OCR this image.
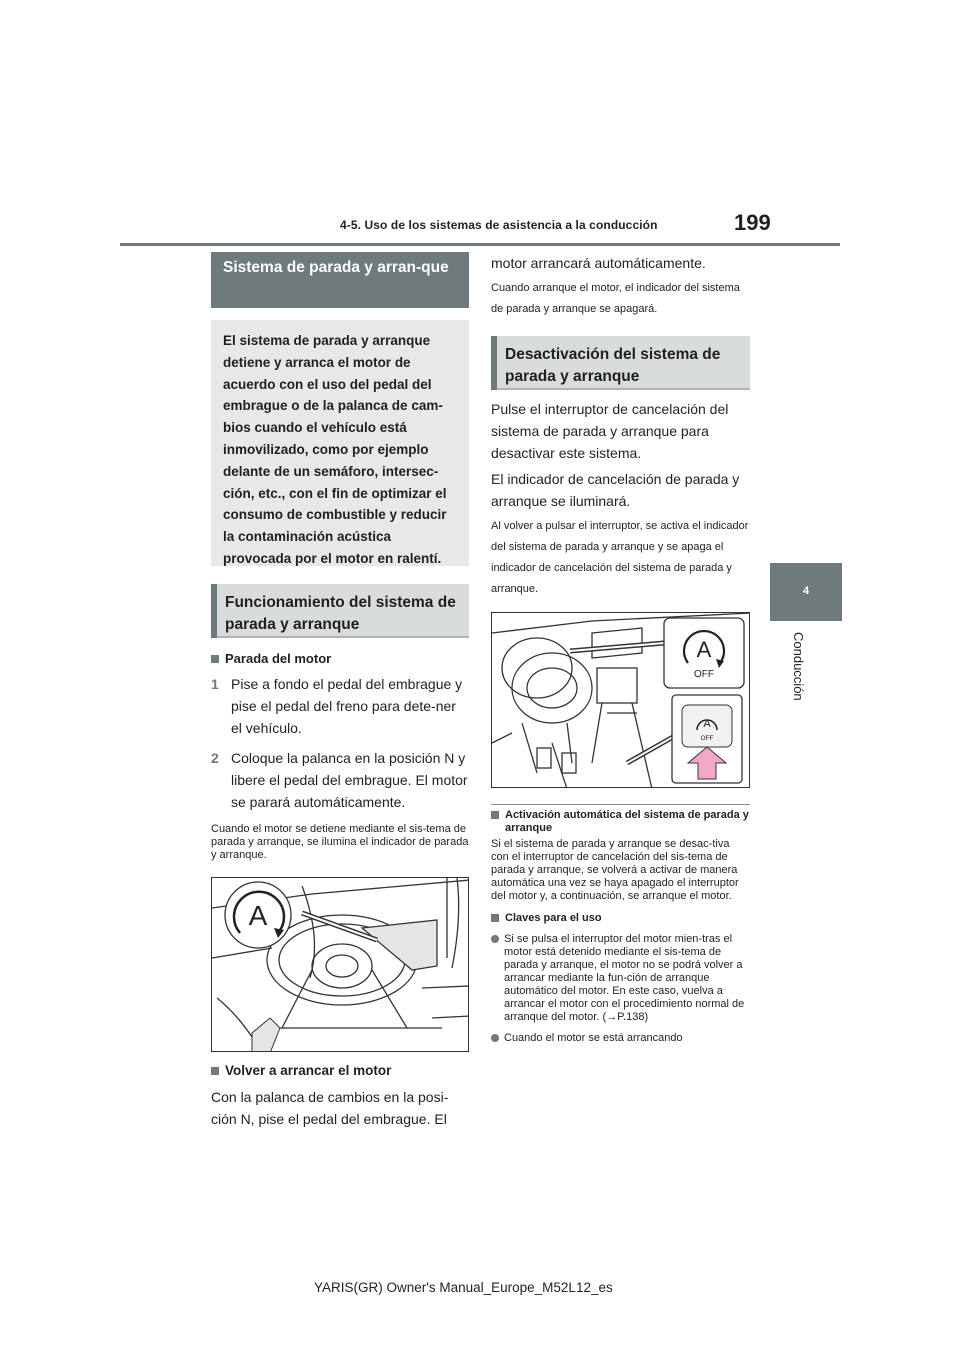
4-5. Uso de los sistemas de asistencia a la conducción	199
4
Conducción
Sistema de parada y arran-que
El sistema de parada y arranque detiene y arranca el motor de acuerdo con el uso del pedal del embrague o de la palanca de cam-bios cuando el vehículo está inmovilizado, como por ejemplo delante de un semáforo, intersec-ción, etc., con el fin de optimizar el consumo de combustible y reducir la contaminación acústica provocada por el motor en ralentí.
Funcionamiento del sistema de parada y arranque
Parada del motor
1 Pise a fondo el pedal del embrague y pise el pedal del freno para dete-ner el vehículo.
2 Coloque la palanca en la posición N y libere el pedal del embrague. El motor se parará automáticamente.
Cuando el motor se detiene mediante el sis-tema de parada y arranque, se ilumina el indicador de parada y arranque.
A
Volver a arrancar el motor
Con la palanca de cambios en la posi-ción N, pise el pedal del embrague. El
motor arrancará automáticamente.
Cuando arranque el motor, el indicador del sistema de parada y arranque se apagará.
Desactivación del sistema de parada y arranque
Pulse el interruptor de cancelación del sistema de parada y arranque para desactivar este sistema.
El indicador de cancelación de parada y arranque se iluminará.
Al volver a pulsar el interruptor, se activa el indicador del sistema de parada y arranque y se apaga el indicador de cancelación del sistema de parada y arranque.
A
OFF
A
OFF
Activación automática del sistema de parada y arranque
Si el sistema de parada y arranque se desac-tiva con el interruptor de cancelación del sis-tema de parada y arranque, se volverá a activar de manera automática una vez se haya apagado el interruptor del motor y, a continuación, se arranque el motor.
Claves para el uso
Si se pulsa el interruptor del motor mien-tras el motor está detenido mediante el sis-tema de parada y arranque, el motor no se podrá volver a arrancar mediante la fun-ción de arranque automático del motor. En este caso, vuelva a arrancar el motor con el procedimiento normal de arranque del motor. (→P.138)
Cuando el motor se está arrancando
YARIS(GR) Owner's Manual_Europe_M52L12_es
